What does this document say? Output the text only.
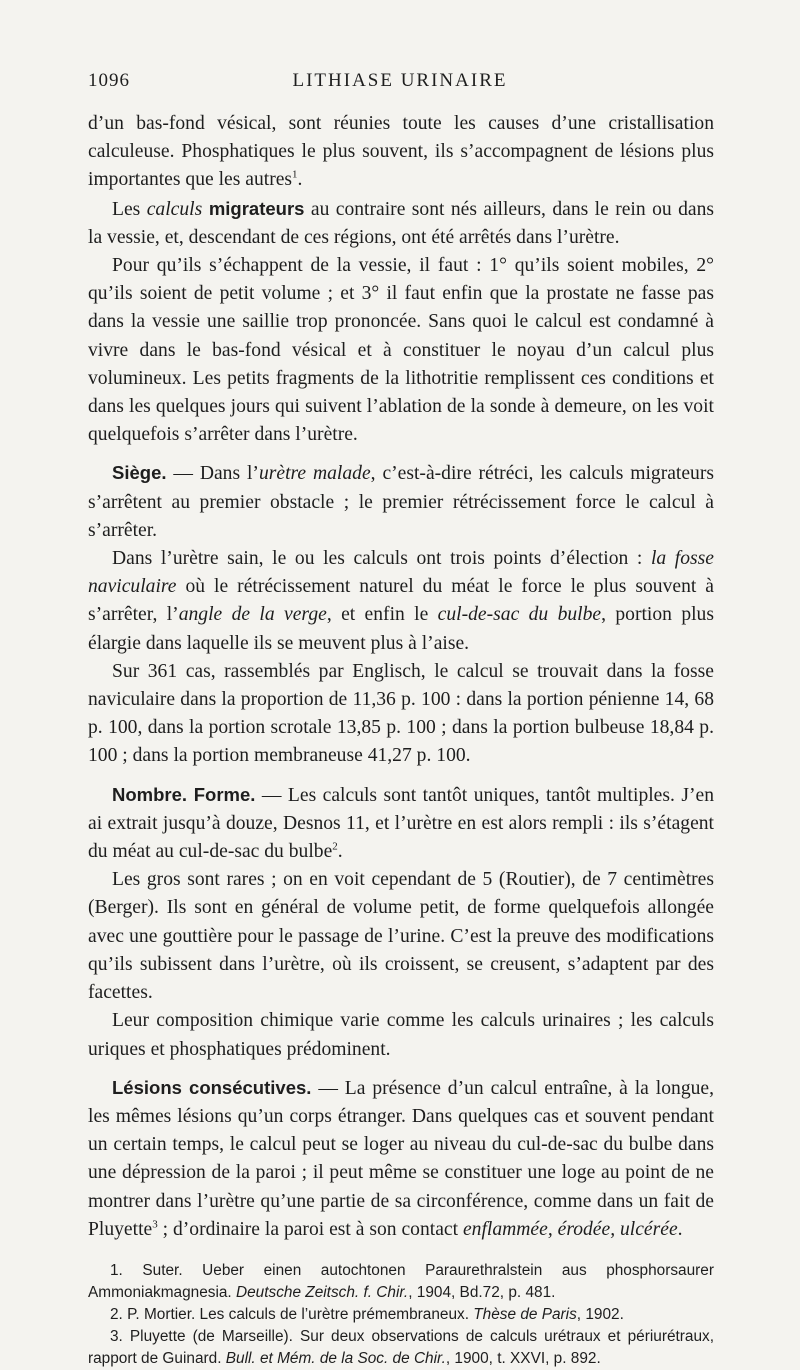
1096	LITHIASE URINAIRE

d’un bas-fond vésical, sont réunies toute les causes d’une cristallisation calculeuse. Phosphatiques le plus souvent, ils s’accompagnent de lésions plus importantes que les autres$^1$.

Les calculs migrateurs au contraire sont nés ailleurs, dans le rein ou dans la vessie, et, descendant de ces régions, ont été arrêtés dans l’urètre.

Pour qu’ils s’échappent de la vessie, il faut : 1° qu’ils soient mobiles, 2° qu’ils soient de petit volume ; et 3° il faut enfin que la prostate ne fasse pas dans la vessie une saillie trop prononcée. Sans quoi le calcul est condamné à vivre dans le bas-fond vésical et à constituer le noyau d’un calcul plus volumineux. Les petits fragments de la lithotritie remplissent ces conditions et dans les quelques jours qui suivent l’ablation de la sonde à demeure, on les voit quelquefois s’arrêter dans l’urètre.

Siège. — Dans l’urètre malade, c’est-à-dire rétréci, les calculs migrateurs s’arrêtent au premier obstacle ; le premier rétrécissement force le calcul à s’arrêter.

Dans l’urètre sain, le ou les calculs ont trois points d’élection : la fosse naviculaire où le rétrécissement naturel du méat le force le plus souvent à s’arrêter, l’angle de la verge, et enfin le cul-de-sac du bulbe, portion plus élargie dans laquelle ils se meuvent plus à l’aise.

Sur 361 cas, rassemblés par Englisch, le calcul se trouvait dans la fosse naviculaire dans la proportion de 11,36 p. 100 : dans la portion pénienne 14, 68 p. 100, dans la portion scrotale 13,85 p. 100 ; dans la portion bulbeuse 18,84 p. 100 ; dans la portion membraneuse 41,27 p. 100.

Nombre. Forme. — Les calculs sont tantôt uniques, tantôt multiples. J’en ai extrait jusqu’à douze, Desnos 11, et l’urètre en est alors rempli : ils s’étagent du méat au cul-de-sac du bulbe$^2$.

Les gros sont rares ; on en voit cependant de 5 (Routier), de 7 centimètres (Berger). Ils sont en général de volume petit, de forme quelquefois allongée avec une gouttière pour le passage de l’urine. C’est la preuve des modifications qu’ils subissent dans l’urètre, où ils croissent, se creusent, s’adaptent par des facettes.

Leur composition chimique varie comme les calculs urinaires ; les calculs uriques et phosphatiques prédominent.

Lésions consécutives. — La présence d’un calcul entraîne, à la longue, les mêmes lésions qu’un corps étranger. Dans quelques cas et souvent pendant un certain temps, le calcul peut se loger au niveau du cul-de-sac du bulbe dans une dépression de la paroi ; il peut même se constituer une loge au point de ne montrer dans l’urètre qu’une partie de sa circonférence, comme dans un fait de Pluyette$^3$ ; d’ordinaire la paroi est à son contact enflammée, érodée, ulcérée.

1. Suter. Ueber einen autochtonen Paraurethralstein aus phosphorsaurer Ammoniakmagnesia. Deutsche Zeitsch. f. Chir., 1904, Bd.72, p. 481.

2. P. Mortier. Les calculs de l’urètre prémembraneux. Thèse de Paris, 1902.

3. Pluyette (de Marseille). Sur deux observations de calculs urétraux et périurétraux, rapport de Guinard. Bull. et Mém. de la Soc. de Chir., 1900, t. XXVI, p. 892.
